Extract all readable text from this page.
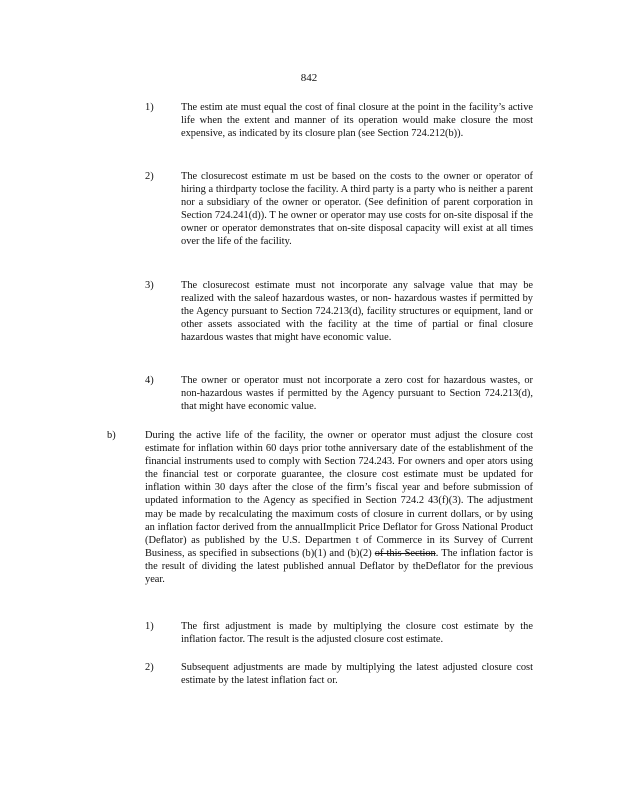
842
1)	The estim ate must equal the cost of final closure at the point in the facility’s active life when the extent and manner of its operation would make closure the most expensive, as indicated by its closure plan (see Section 724.212(b)).
2)	The closurecost estimate m ust be based on the costs to the owner or operator of hiring a thirdparty toclose the facility. A third party is a party who is neither a parent nor a subsidiary of the owner or operator. (See definition of parent corporation in Section 724.241(d)). T he owner or operator may use costs for on-site disposal if the owner or operator demonstrates that on-site disposal capacity will exist at all times over the life of the facility.
3)	The closurecost estimate must not incorporate any salvage value that may be realized with the saleof hazardous wastes, or non- hazardous wastes if permitted by the Agency pursuant to Section 724.213(d), facility structures or equipment, land or other assets associated with the facility at the time of partial or final closure hazardous wastes that might have economic value.
4)	The owner or operator must not incorporate a zero cost for hazardous wastes, or non-hazardous wastes if permitted by the Agency pursuant to Section 724.213(d), that might have economic value.
b)	During the active life of the facility, the owner or operator must adjust the closure cost estimate for inflation within 60 days prior tothe anniversary date of the establishment of the financial instruments used to comply with Section 724.243. For owners and oper ators using the financial test or corporate guarantee, the closure cost estimate must be updated for inflation within 30 days after the close of the firm’s fiscal year and before submission of updated information to the Agency as specified in Section 724.2 43(f)(3). The adjustment may be made by recalculating the maximum costs of closure in current dollars, or by using an inflation factor derived from the annualImplicit Price Deflator for Gross National Product (Deflator) as published by the U.S. Departmen t of Commerce in its Survey of Current Business, as specified in subsections (b)(1) and (b)(2) of this Section. The inflation factor is the result of dividing the latest published annual Deflator by theDeflator for the previous year.
1)	The first adjustment is made by multiplying the closure cost estimate by the inflation factor. The result is the adjusted closure cost estimate.
2)	Subsequent adjustments are made by multiplying the latest adjusted closure cost estimate by the latest inflation fact or.
